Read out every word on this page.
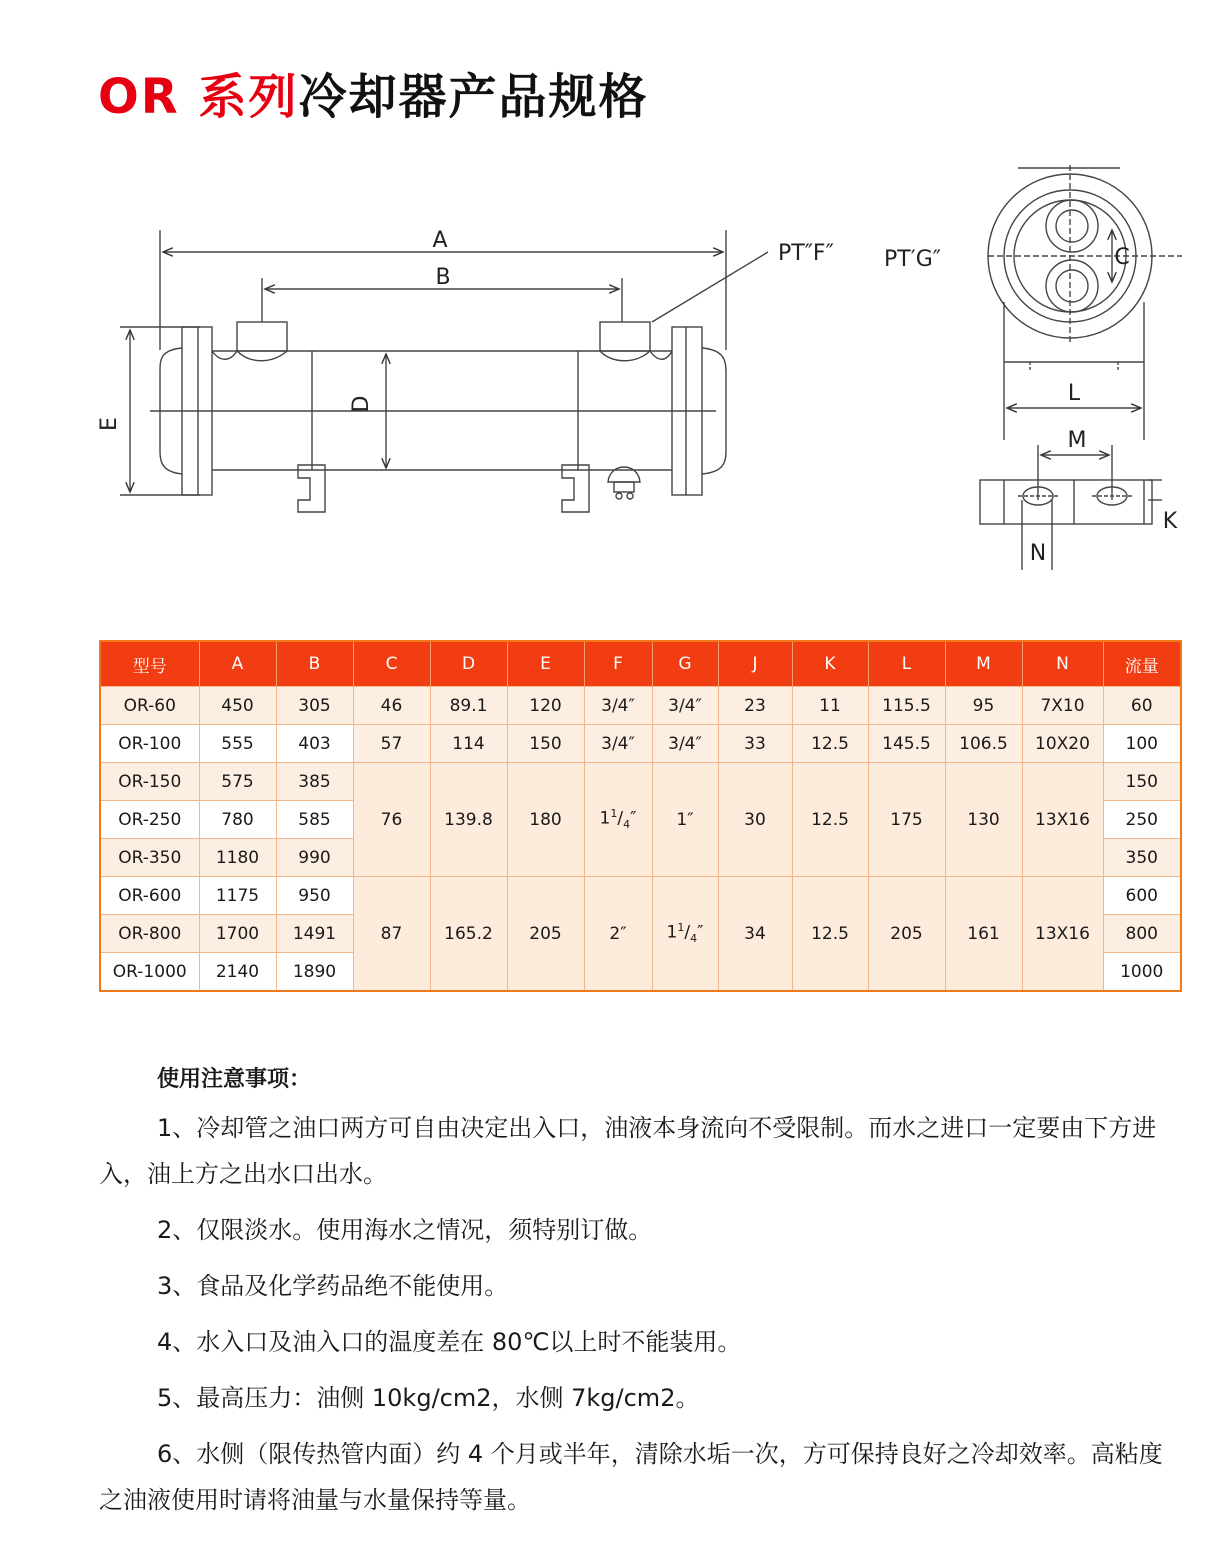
OR 系列冷却器产品规格
A
B
D
E
PT″F″ PT′G″	C
L
M
K
N
型号	A	B	C	D	E	F	G	J	K	L	M	N	流量
OR-60	450	305	46	89.1	120	3/4″	3/4″	23	11	115.5	95	7X10	60
OR-100	555	403	57	114	150	3/4″	3/4″	33	12.5	145.5	106.5	10X20	100
OR-150	575	385	76	139.8	180	$1^1/_4''$	1″	30	12.5	175	130	13X16	150
OR-250	780	585											250
OR-350	1180	990											350
OR-600	1175	950	87	165.2	205	2″	$1^1/_4''$	34	12.5	205	161	13X16	600
OR-800	1700	1491											800
OR-1000	2140	1890											1000
使用注意事项：

1、冷却管之油口两方可自由决定出入口，油液本身流向不受限制。而水之进口一定要由下方进入，油上方之出水口出水。

2、仅限淡水。使用海水之情况，须特别订做。

3、食品及化学药品绝不能使用。

4、水入口及油入口的温度差在 80℃以上时不能装用。

5、最高压力：油侧 10kg/cm2，水侧 7kg/cm2。

6、水侧（限传热管内面）约 4 个月或半年，清除水垢一次，方可保持良好之冷却效率。高粘度之油液使用时请将油量与水量保持等量。
